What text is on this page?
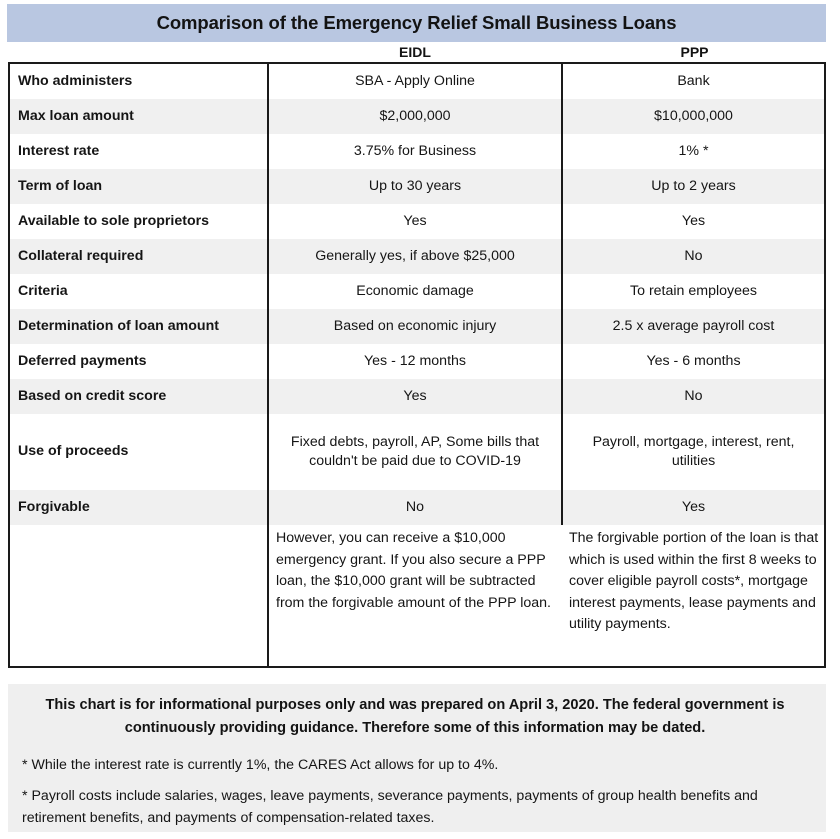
Comparison of the Emergency Relief Small Business Loans
EIDL	PPP
Who administers	SBA - Apply Online	Bank
Max loan amount	$2,000,000	$10,000,000
Interest rate	3.75% for Business	1% *
Term of loan	Up to 30 years	Up to 2 years
Available to sole proprietors	Yes	Yes
Collateral required	Generally yes, if above $25,000	No
Criteria	Economic damage	To retain employees
Determination of loan amount	Based on economic injury	2.5 x average payroll cost
Deferred payments	Yes - 12 months	Yes - 6 months
Based on credit score	Yes	No
Use of proceeds	Fixed debts, payroll, AP, Some bills that couldn't be paid due to COVID-19	Payroll, mortgage, interest, rent, utilities
Forgivable	No	Yes
	However, you can receive a $10,000 emergency grant. If you also secure a PPP loan, the $10,000 grant will be subtracted from the forgivable amount of the PPP loan.	The forgivable portion of the loan is that which is used within the first 8 weeks to cover eligible payroll costs*, mortgage interest payments, lease payments and utility payments.

This chart is for informational purposes only and was prepared on April 3, 2020. The federal government is continuously providing guidance. Therefore some of this information may be dated.

* While the interest rate is currently 1%, the CARES Act allows for up to 4%.

* Payroll costs include salaries, wages, leave payments, severance payments, payments of group health benefits and retirement benefits, and payments of compensation-related taxes.
